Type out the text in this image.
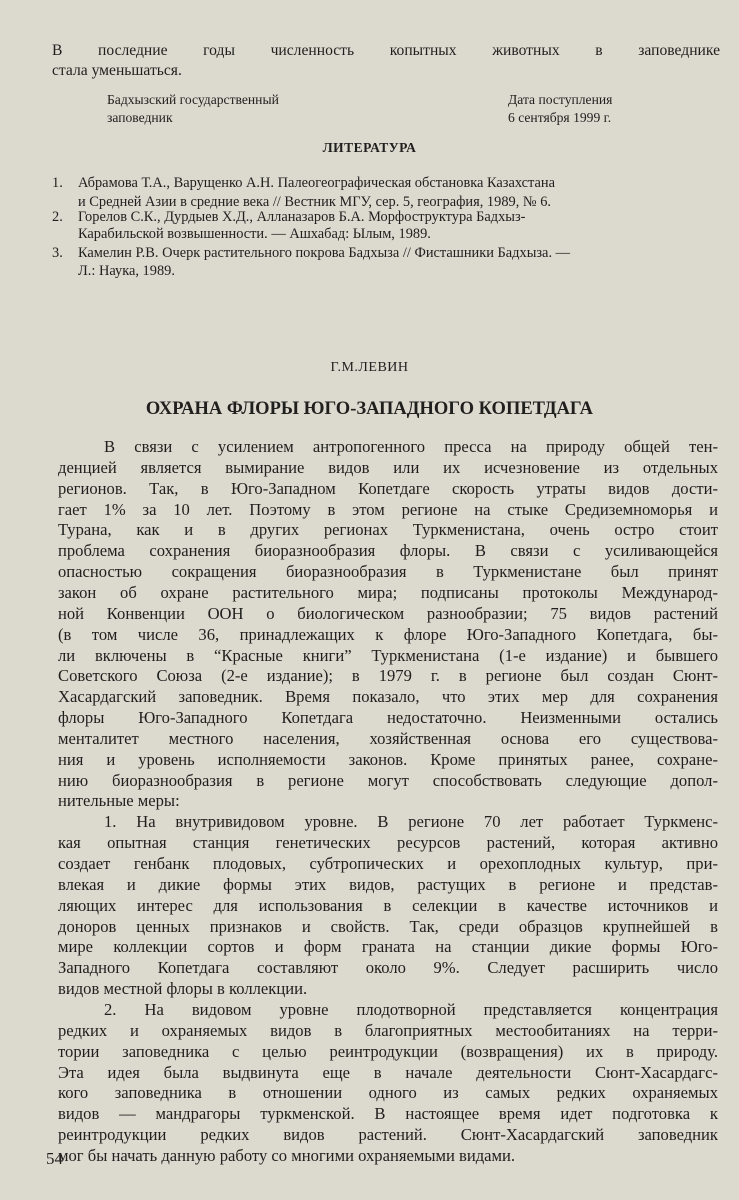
В последние годы численность копытных животных в заповеднике
стала уменьшаться.
Бадхызский государственный
заповедник
Дата поступления
6 сентября 1999 г.
ЛИТЕРАТУРА
1. Абрамова Т.А., Варущенко А.Н. Палеогеографическая обстановка Казахстана
и Средней Азии в средние века // Вестник МГУ, сер. 5, география, 1989, № 6.
2. Горелов С.К., Дурдыев Х.Д., Алланазаров Б.А. Морфоструктура Бадхыз-
Карабильской возвышенности. — Ашхабад: Ылым, 1989.
3. Камелин Р.В. Очерк растительного покрова Бадхыза // Фисташники Бадхыза. —
Л.: Наука, 1989.
Г.М.ЛЕВИН
ОХРАНА ФЛОРЫ ЮГО-ЗАПАДНОГО КОПЕТДАГА
В связи с усилением антропогенного пресса на природу общей тен-
денцией является вымирание видов или их исчезновение из отдельных
регионов. Так, в Юго-Западном Копетдаге скорость утраты видов дости-
гает 1% за 10 лет. Поэтому в этом регионе на стыке Средиземноморья и
Турана, как и в других регионах Туркменистана, очень остро стоит
проблема сохранения биоразнообразия флоры. В связи с усиливающейся
опасностью сокращения биоразнообразия в Туркменистане был принят
закон об охране растительного мира; подписаны протоколы Международ-
ной Конвенции ООН о биологическом разнообразии; 75 видов растений
(в том числе 36, принадлежащих к флоре Юго-Западного Копетдага, бы-
ли включены в “Красные книги” Туркменистана (1-е издание) и бывшего
Советского Союза (2-е издание); в 1979 г. в регионе был создан Сюнт-
Хасардагский заповедник. Время показало, что этих мер для сохранения
флоры Юго-Западного Копетдага недостаточно. Неизменными остались
менталитет местного населения, хозяйственная основа его существова-
ния и уровень исполняемости законов. Кроме принятых ранее, сохране-
нию биоразнообразия в регионе могут способствовать следующие допол-
нительные меры:
1. На внутривидовом уровне. В регионе 70 лет работает Туркменс-
кая опытная станция генетических ресурсов растений, которая активно
создает генбанк плодовых, субтропических и орехоплодных культур, при-
влекая и дикие формы этих видов, растущих в регионе и представ-
ляющих интерес для использования в селекции в качестве источников и
доноров ценных признаков и свойств. Так, среди образцов крупнейшей в
мире коллекции сортов и форм граната на станции дикие формы Юго-
Западного Копетдага составляют около 9%. Следует расширить число
видов местной флоры в коллекции.
2. На видовом уровне плодотворной представляется концентрация
редких и охраняемых видов в благоприятных местообитаниях на терри-
тории заповедника с целью реинтродукции (возвращения) их в природу.
Эта идея была выдвинута еще в начале деятельности Сюнт-Хасардагс-
кого заповедника в отношении одного из самых редких охраняемых
видов — мандрагоры туркменской. В настоящее время идет подготовка к
реинтродукции редких видов растений. Сюнт-Хасардагский заповедник
мог бы начать данную работу со многими охраняемыми видами.
54
